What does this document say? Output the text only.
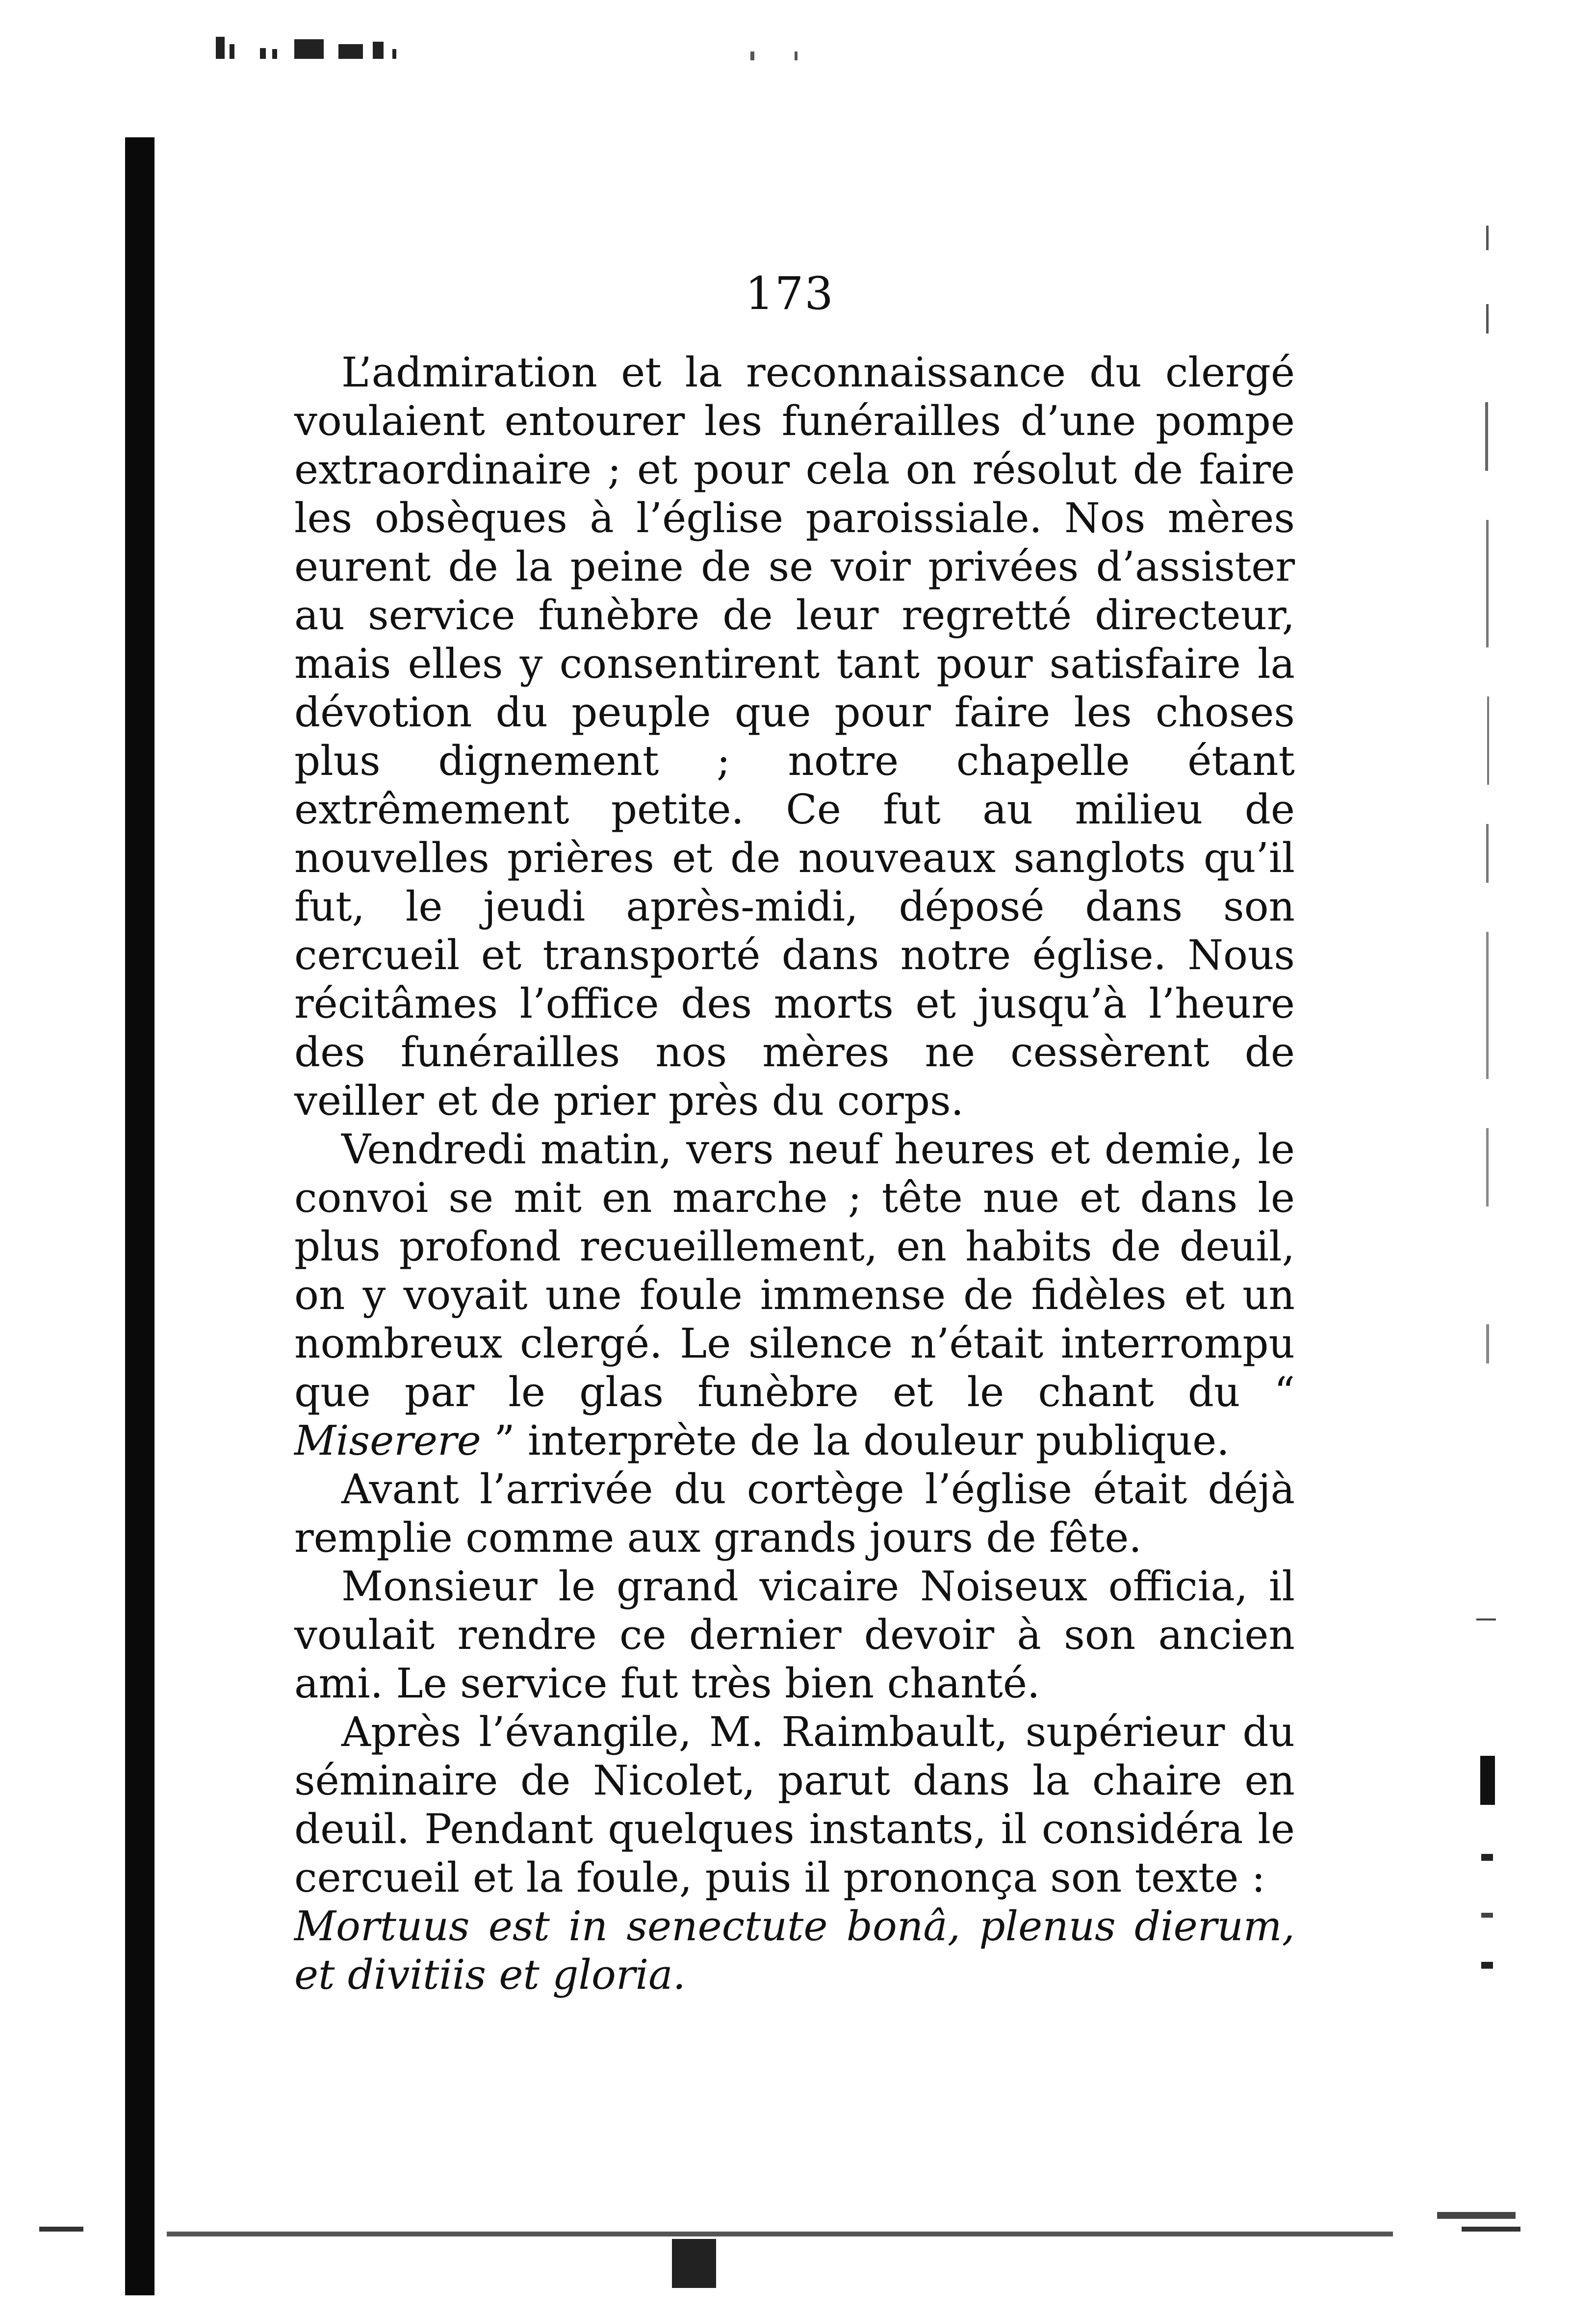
173

L’admiration et la reconnaissance du clergé voulaient entourer les funérailles d’une pompe extraordinaire ; et pour cela on résolut de faire les obsèques à l’église paroissiale. Nos mères eurent de la peine de se voir privées d’assister au service funèbre de leur regretté directeur, mais elles y consentirent tant pour satisfaire la dévotion du peuple que pour faire les choses plus dignement ; notre chapelle étant extrêmement petite. Ce fut au milieu de nouvelles prières et de nouveaux sanglots qu’il fut, le jeudi après-midi, déposé dans son cercueil et transporté dans notre église. Nous récitâmes l’office des morts et jusqu’à l’heure des funérailles nos mères ne cessèrent de veiller et de prier près du corps.

Vendredi matin, vers neuf heures et demie, le convoi se mit en marche ; tête nue et dans le plus profond recueillement, en habits de deuil, on y voyait une foule immense de fidèles et un nombreux clergé. Le silence n’était interrompu que par le glas funèbre et le chant du “ Miserere ” interprète de la douleur publique.

Avant l’arrivée du cortège l’église était déjà remplie comme aux grands jours de fête.

Monsieur le grand vicaire Noiseux officia, il voulait rendre ce dernier devoir à son ancien ami. Le service fut très bien chanté.

Après l’évangile, M. Raimbault, supérieur du séminaire de Nicolet, parut dans la chaire en deuil. Pendant quelques instants, il considéra le cercueil et la foule, puis il prononça son texte :

Mortuus est in senectute bonâ, plenus dierum, et divitiis et gloria.
